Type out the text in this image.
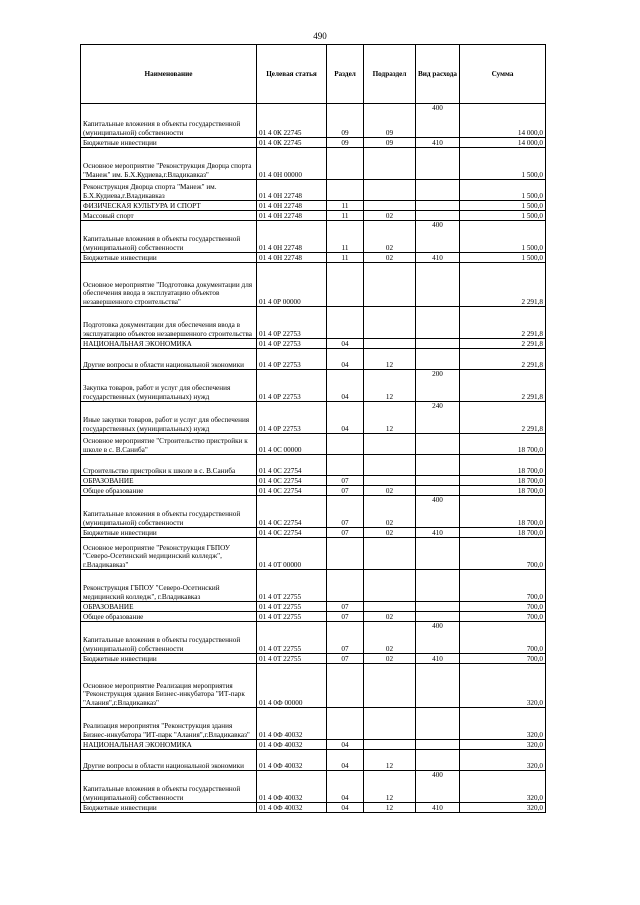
490
Наименование	Целевая статья	Раздел	Подраздел	Вид расхода	Сумма
Капитальные вложения в объекты государственной (муниципальной) собственности	01 4 0К 22745	09	09	400	14 000,0
Бюджетные инвестиции	01 4 0К 22745	09	09	410	14 000,0
Основное мероприятие "Реконструкция Дворца спорта "Манеж" им. Б.Х.Кудиева,г.Владикавказ"	01 4 0Н 00000				1 500,0
Реконструкция Дворца спорта "Манеж" им. Б.Х.Кудиева,г.Владикавказ	01 4 0Н 22748				1 500,0
ФИЗИЧЕСКАЯ КУЛЬТУРА И СПОРТ	01 4 0Н 22748	11			1 500,0
Массовый спорт	01 4 0Н 22748	11	02		1 500,0
Капитальные вложения в объекты государственной (муниципальной) собственности	01 4 0Н 22748	11	02	400	1 500,0
Бюджетные инвестиции	01 4 0Н 22748	11	02	410	1 500,0
Основное мероприятие "Подготовка документации для обеспечения ввода в эксплуатацию объектов незавершенного строительства"	01 4 0Р 00000				2 291,8
Подготовка документации для обеспечения ввода в эксплуатацию объектов незавершенного строительства	01 4 0Р 22753				2 291,8
НАЦИОНАЛЬНАЯ ЭКОНОМИКА	01 4 0Р 22753	04			2 291,8
Другие вопросы в области национальной экономики	01 4 0Р 22753	04	12		2 291,8
Закупка товаров, работ и услуг для обеспечения государственных (муниципальных) нужд	01 4 0Р 22753	04	12	200	2 291,8
Иные закупки товаров, работ и услуг для обеспечения государственных (муниципальных) нужд	01 4 0Р 22753	04	12	240	2 291,8
Основное мероприятие "Строительство пристройки к школе в с. В.Саниба"	01 4 0С 00000				18 700,0
Строительство пристройки к школе в с. В.Саниба	01 4 0С 22754				18 700,0
ОБРАЗОВАНИЕ	01 4 0С 22754	07			18 700,0
Общее образование	01 4 0С 22754	07	02		18 700,0
Капитальные вложения в объекты государственной (муниципальной) собственности	01 4 0С 22754	07	02	400	18 700,0
Бюджетные инвестиции	01 4 0С 22754	07	02	410	18 700,0
Основное мероприятие "Реконструкция ГБПОУ "Северо-Осетинский медицинский колледж", г.Владикавказ"	01 4 0Т 00000				700,0
Реконструкция ГБПОУ "Северо-Осетинский медицинский колледж", г.Владикавказ	01 4 0Т 22755				700,0
ОБРАЗОВАНИЕ	01 4 0Т 22755	07			700,0
Общее образование	01 4 0Т 22755	07	02		700,0
Капитальные вложения в объекты государственной (муниципальной) собственности	01 4 0Т 22755	07	02	400	700,0
Бюджетные инвестиции	01 4 0Т 22755	07	02	410	700,0
Основное мероприятие Реализация мероприятия "Реконструкция здания Бизнес-инкубатора "ИТ-парк "Алания",г.Владикавказ"	01 4 0Ф 00000				320,0
Реализация мероприятия "Реконструкция здания Бизнес-инкубатора "ИТ-парк "Алания",г.Владикавказ"	01 4 0Ф 40032				320,0
НАЦИОНАЛЬНАЯ ЭКОНОМИКА	01 4 0Ф 40032	04			320,0
Другие вопросы в области национальной экономики	01 4 0Ф 40032	04	12		320,0
Капитальные вложения в объекты государственной (муниципальной) собственности	01 4 0Ф 40032	04	12	400	320,0
Бюджетные инвестиции	01 4 0Ф 40032	04	12	410	320,0
